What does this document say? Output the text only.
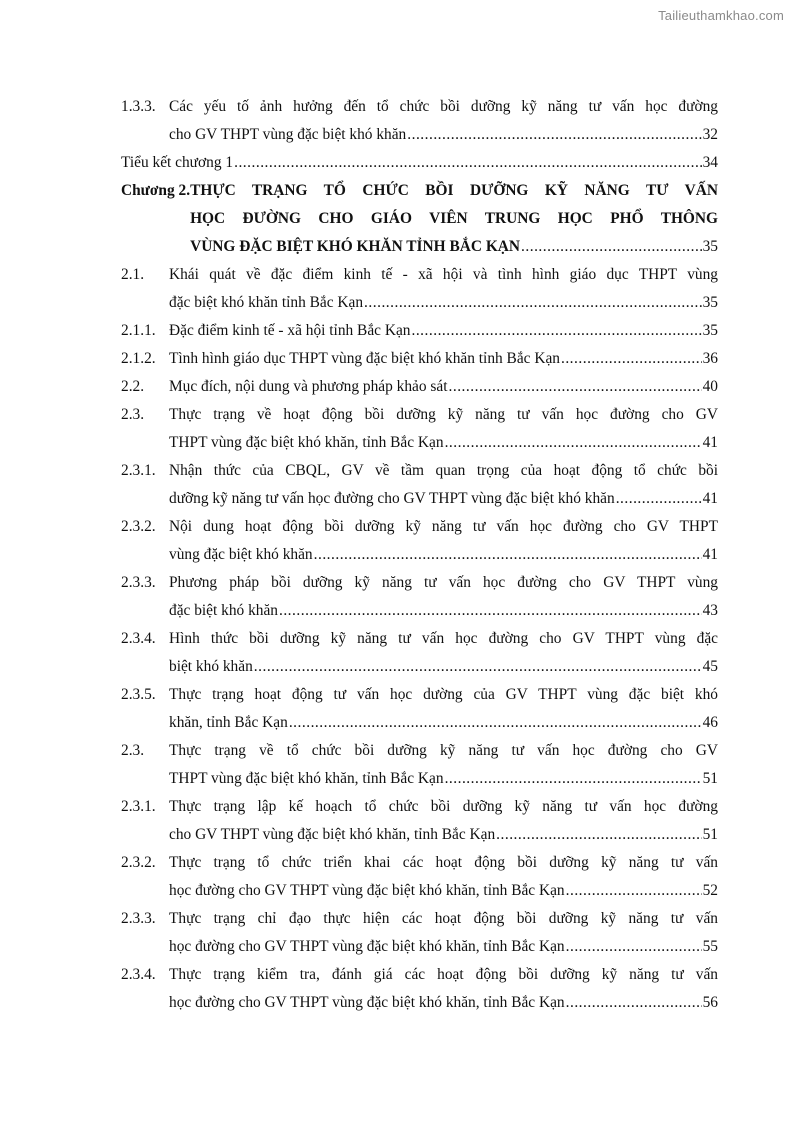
Tailieuthamkhao.com
1.3.3. Các yếu tố ảnh hưởng đến tổ chức bồi dưỡng kỹ năng tư vấn học đường
cho GV THPT vùng đặc biệt khó khăn .....	32
Tiểu kết chương 1 .....	34
Chương 2. THỰC TRẠNG TỔ CHỨC BỒI DƯỠNG KỸ NĂNG TƯ VẤN
HỌC ĐƯỜNG CHO GIÁO VIÊN TRUNG HỌC PHỔ THÔNG
VÙNG ĐẶC BIỆT KHÓ KHĂN TỈNH BẮC KẠN .....	35
2.1.	Khái quát về đặc điểm kinh tế - xã hội và tình hình giáo dục THPT vùng
đặc biệt khó khăn tỉnh Bắc Kạn .....	35
2.1.1. Đặc điểm kinh tế - xã hội tỉnh Bắc Kạn .....	35
2.1.2. Tình hình giáo dục THPT vùng đặc biệt khó khăn tỉnh Bắc Kạn .....	36
2.2.	Mục đích, nội dung và phương pháp khảo sát .....	40
2.3.	Thực trạng về hoạt động bồi dưỡng kỹ năng tư vấn học đường cho GV
THPT vùng đặc biệt khó khăn, tỉnh Bắc Kạn .....	41
2.3.1. Nhận thức của CBQL, GV về tầm quan trọng của hoạt động tổ chức bồi
dưỡng kỹ năng tư vấn học đường cho GV THPT vùng đặc biệt khó khăn .....	41
2.3.2. Nội dung hoạt động bồi dưỡng kỹ năng tư vấn học đường cho GV THPT
vùng đặc biệt khó khăn .....	41
2.3.3. Phương pháp bồi dưỡng kỹ năng tư vấn học đường cho GV THPT vùng
đặc biệt khó khăn .....	43
2.3.4. Hình thức bồi dưỡng kỹ năng tư vấn học đường cho GV THPT vùng đặc
biệt khó khăn .....	45
2.3.5. Thực trạng hoạt động tư vấn học dường của GV THPT vùng đặc biệt khó
khăn, tỉnh Bắc Kạn .....	46
2.3.	Thực trạng về tổ chức bồi dưỡng kỹ năng tư vấn học đường cho GV
THPT vùng đặc biệt khó khăn, tỉnh Bắc Kạn .....	51
2.3.1. Thực trạng lập kế hoạch tổ chức bồi dưỡng kỹ năng tư vấn học đường
cho GV THPT vùng đặc biệt khó khăn, tỉnh Bắc Kạn .....	51
2.3.2. Thực trạng tổ chức triển khai các hoạt động bồi dưỡng kỹ năng tư vấn
học đường cho GV THPT vùng đặc biệt khó khăn, tỉnh Bắc Kạn .....	52
2.3.3. Thực trạng chỉ đạo thực hiện các hoạt động bồi dưỡng kỹ năng tư vấn
học đường cho GV THPT vùng đặc biệt khó khăn, tỉnh Bắc Kạn .....	55
2.3.4. Thực trạng kiểm tra, đánh giá các hoạt động bồi dưỡng kỹ năng tư vấn
học đường cho GV THPT vùng đặc biệt khó khăn, tỉnh Bắc Kạn .....	56
